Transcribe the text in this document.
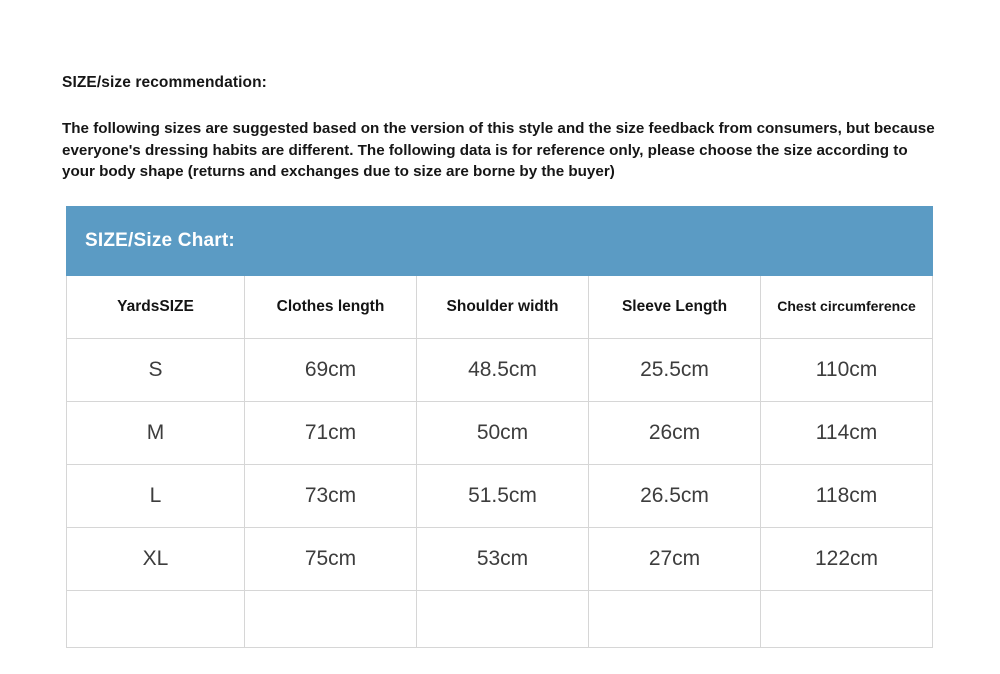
SIZE/size recommendation:
The following sizes are suggested based on the version of this style and the size feedback from consumers, but because everyone's dressing habits are different. The following data is for reference only, please choose the size according to your body shape (returns and exchanges due to size are borne by the buyer)
SIZE/Size Chart:				
YardsSIZE	Clothes length	Shoulder width	Sleeve Length	Chest circumference
S	69cm	48.5cm	25.5cm	110cm
M	71cm	50cm	26cm	114cm
L	73cm	51.5cm	26.5cm	118cm
XL	75cm	53cm	27cm	122cm
